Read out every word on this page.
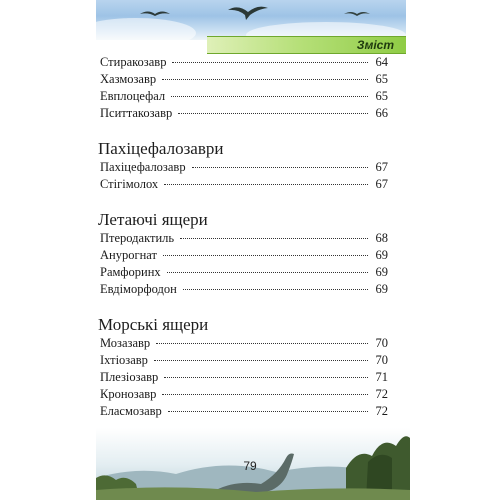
Зміст
Стиракозавр	64
Хазмозавр	65
Евплоцефал	65
Пситтакозавр	66
Пахіцефалозаври
Пахіцефалозавр	67
Стігімолох	67
Летаючі ящери
Птеродактиль	68
Анурогнат	69
Рамфоринх	69
Евдіморфодон	69
Морські ящери
Мозазавр	70
Іхтіозавр	70
Плезіозавр	71
Кронозавр	72
Еласмозавр	72
79
